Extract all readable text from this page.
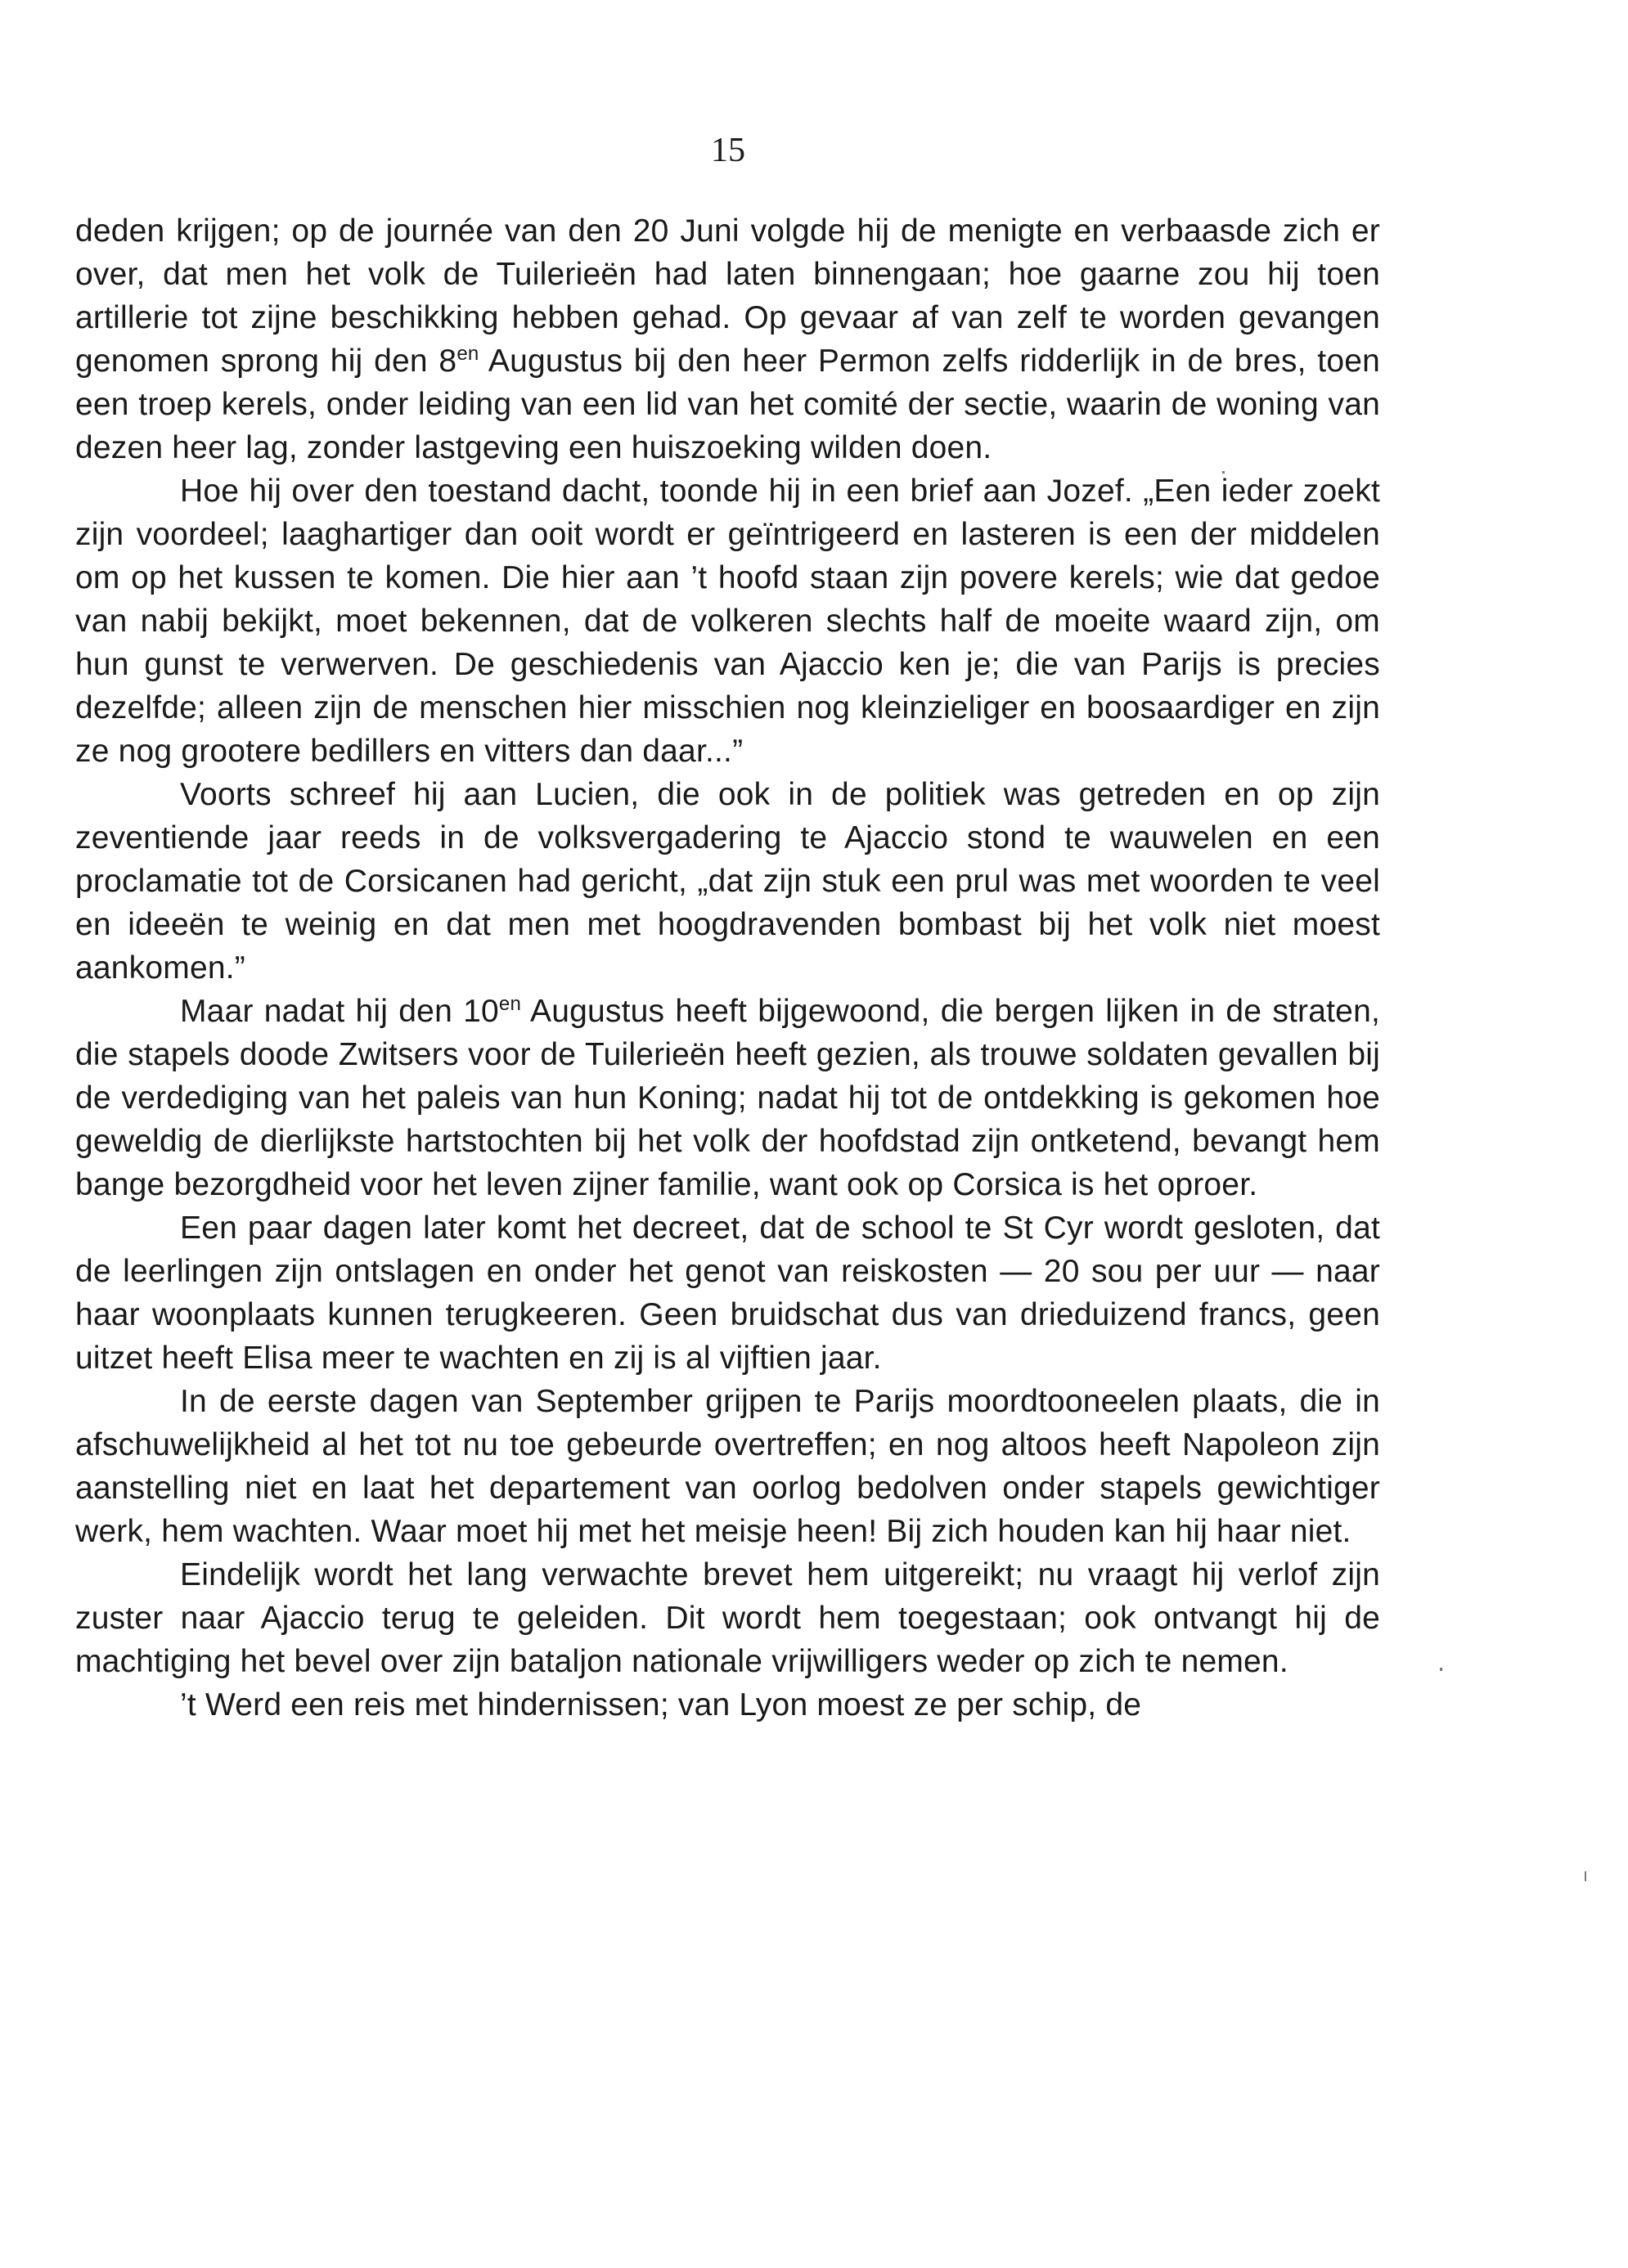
15

deden krijgen; op de journée van den 20 Juni volgde hij de menigte en verbaasde zich er over, dat men het volk de Tuilerieën had laten binnengaan; hoe gaarne zou hij toen artillerie tot zijne beschikking hebben gehad. Op gevaar af van zelf te worden gevangen genomen sprong hij den $8^{en}$ Augustus bij den heer Permon zelfs ridderlijk in de bres, toen een troep kerels, onder leiding van een lid van het comité der sectie, waarin de woning van dezen heer lag, zonder lastgeving een huiszoeking wilden doen.

Hoe hij over den toestand dacht, toonde hij in een brief aan Jozef. „Een ieder zoekt zijn voordeel; laaghartiger dan ooit wordt er geïntrigeerd en lasteren is een der middelen om op het kussen te komen. Die hier aan ’t hoofd staan zijn povere kerels; wie dat gedoe van nabij bekijkt, moet bekennen, dat de volkeren slechts half de moeite waard zijn, om hun gunst te verwerven. De geschiedenis van Ajaccio ken je; die van Parijs is precies dezelfde; alleen zijn de menschen hier misschien nog kleinzieliger en boosaardiger en zijn ze nog grootere bedillers en vitters dan daar...”

Voorts schreef hij aan Lucien, die ook in de politiek was getreden en op zijn zeventiende jaar reeds in de volksvergadering te Ajaccio stond te wauwelen en een proclamatie tot de Corsicanen had gericht, „dat zijn stuk een prul was met woorden te veel en ideeën te weinig en dat men met hoogdravenden bombast bij het volk niet moest aankomen.”

Maar nadat hij den $10^{en}$ Augustus heeft bijgewoond, die bergen lijken in de straten, die stapels doode Zwitsers voor de Tuilerieën heeft gezien, als trouwe soldaten gevallen bij de verdediging van het paleis van hun Koning; nadat hij tot de ontdekking is gekomen hoe geweldig de dierlijkste hartstochten bij het volk der hoofdstad zijn ontketend, bevangt hem bange bezorgdheid voor het leven zijner familie, want ook op Corsica is het oproer.

Een paar dagen later komt het decreet, dat de school te St Cyr wordt gesloten, dat de leerlingen zijn ontslagen en onder het genot van reiskosten — 20 sou per uur — naar haar woonplaats kunnen terugkeeren. Geen bruidschat dus van drieduizend francs, geen uitzet heeft Elisa meer te wachten en zij is al vijftien jaar.

In de eerste dagen van September grijpen te Parijs moordtooneelen plaats, die in afschuwelijkheid al het tot nu toe gebeurde overtreffen; en nog altoos heeft Napoleon zijn aanstelling niet en laat het departement van oorlog bedolven onder stapels gewichtiger werk, hem wachten. Waar moet hij met het meisje heen! Bij zich houden kan hij haar niet.

Eindelijk wordt het lang verwachte brevet hem uitgereikt; nu vraagt hij verlof zijn zuster naar Ajaccio terug te geleiden. Dit wordt hem toegestaan; ook ontvangt hij de machtiging het bevel over zijn bataljon nationale vrijwilligers weder op zich te nemen.

’t Werd een reis met hindernissen; van Lyon moest ze per schip, de
